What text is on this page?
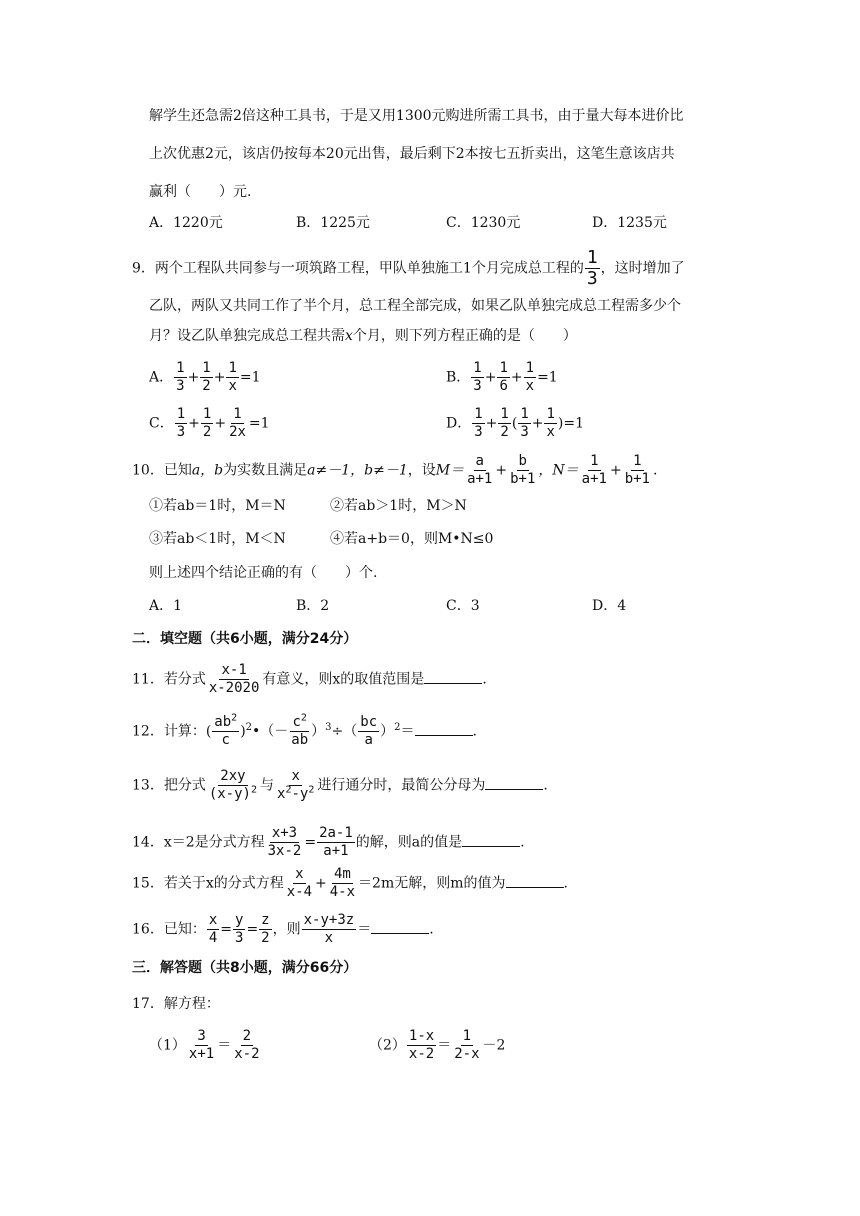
解学生还急需2倍这种工具书，于是又用1300元购进所需工具书，由于量大每本进价比
上次优惠2元，该店仍按每本20元出售，最后剩下2本按七五折卖出，这笔生意该店共
赢利（　　）元.
A．1220元	B．1225元	C．1230元	D．1235元
9．两个工程队共同参与一项筑路工程，甲队单独施工1个月完成总工程的 $\frac{1}{3}$ ，这时增加了
乙队，两队又共同工作了半个月，总工程全部完成，如果乙队单独完成总工程需多少个
月？设乙队单独完成总工程共需x个月，则下列方程正确的是（　　）
A． $\frac{1}{3} + \frac{1}{2} + \frac{1}{x} =1$	B． $\frac{1}{3} + \frac{1}{6} + \frac{1}{x} =1$
C． $\frac{1}{3} + \frac{1}{2} + \frac{1}{2x} =1$	D． $\frac{1}{3} + \frac{1}{2}$ ( $\frac{1}{3} + \frac{1}{x} )=1$
10．已知a，b为实数且满足a≠－1，b≠－1，设$M= \frac{a}{a+1} + \frac{b}{b+1}$ ，$N= \frac{1}{a+1} + \frac{1}{b+1}$ .
①若ab＝1时，M＝N	②若ab＞1时，M＞N
③若ab＜1时，M＜N	④若a+b＝0，则M•N≤0
则上述四个结论正确的有（　　）个.
A．1	B．2	C．3	D．4
二．填空题（共6小题，满分24分）
11．若分式 $\frac{x-1}{x-2020}$ 有意义，则x的取值范围是	.
12．计算：( $\frac{ab^2}{c}$ )$^2$•（－ $\frac{c^2}{ab} )^3\div( \frac{bc}{a} )^2=$	.
13．把分式 $\frac{2xy}{(x-y)^2}$ 与 $\frac{x}{x^2-y^2}$ 进行通分时，最简公分母为	.
14．x＝2是分式方程 $\frac{x+3}{3x-2} = \frac{2a-1}{a+1}$ 的解，则a的值是	.
15．若关于x的分式方程 $\frac{x}{x-4} + \frac{4m}{4-x} =2m$无解，则m的值为	.
16．已知： $\frac{x}{4} = \frac{y}{3} = \frac{z}{2}$ ，则 $\frac{x-y+3z}{x}$ ＝	.
三．解答题（共8小题，满分66分）
17．解方程：
$(1) \frac{3}{x+1} = \frac{2}{x-2}$	$(2) \frac{1-x}{x-2} = \frac{1}{2-x} -2$
